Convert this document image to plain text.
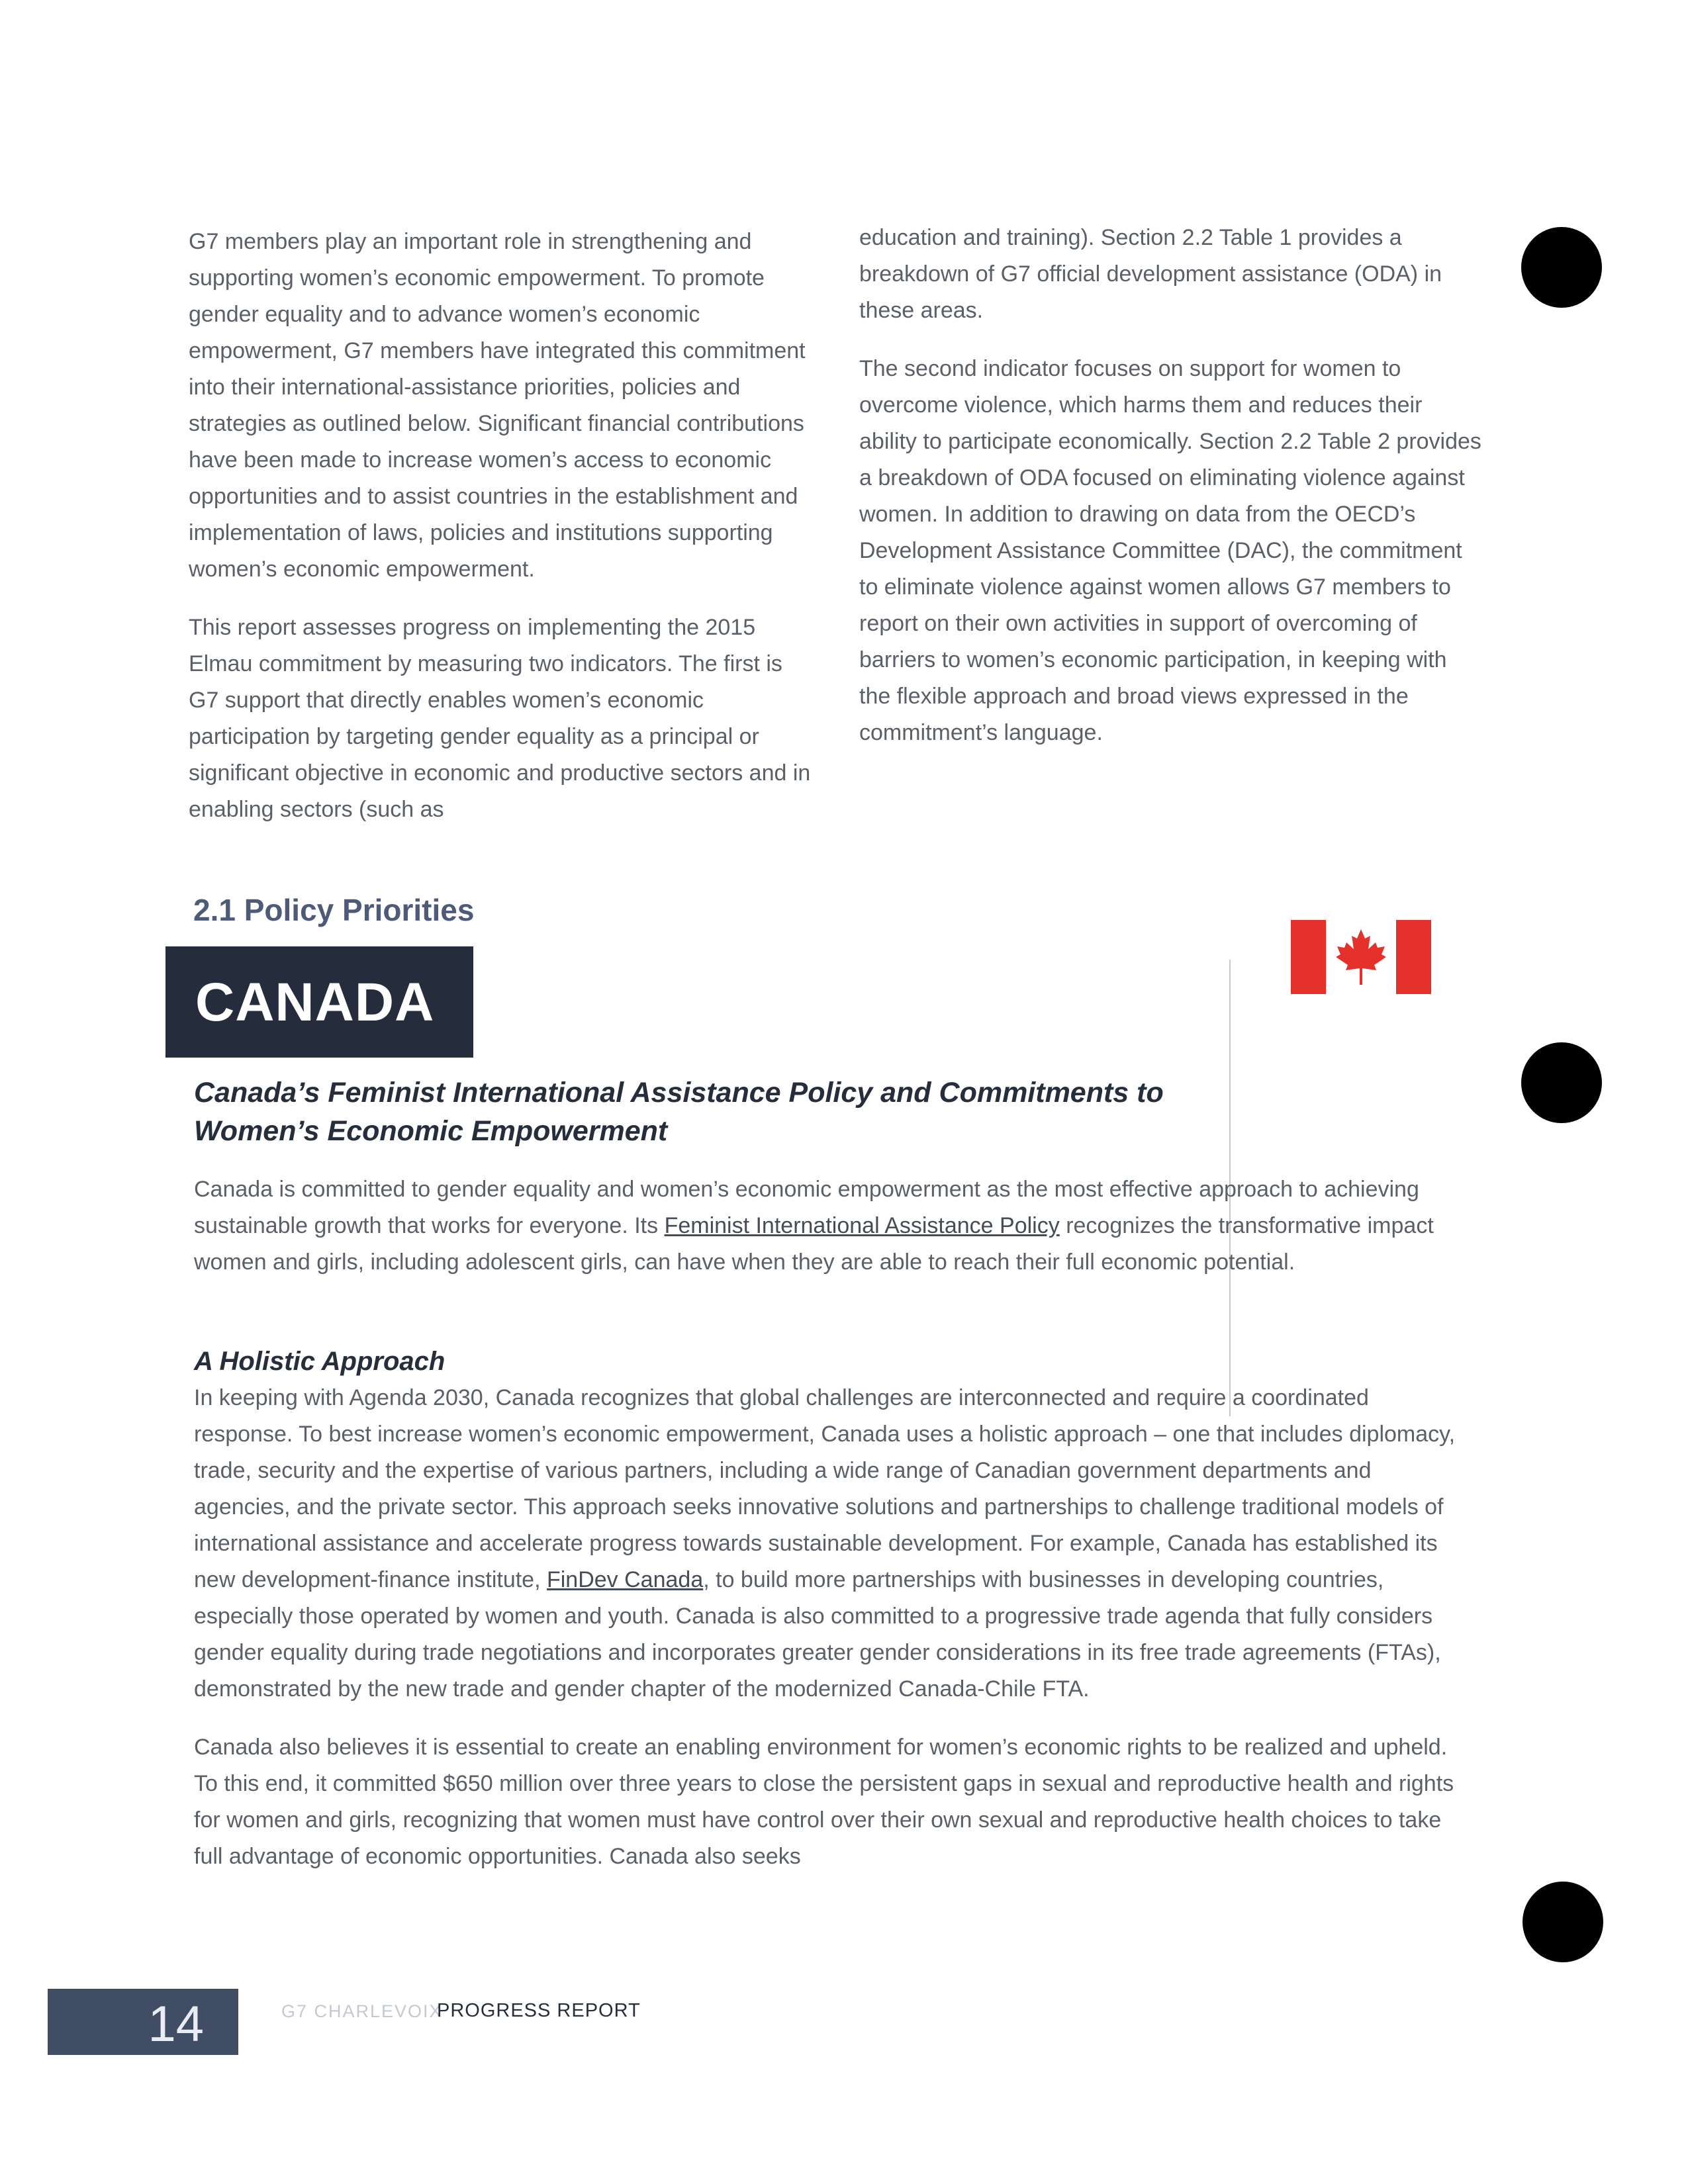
G7 members play an important role in strengthening and supporting women’s economic empowerment. To promote gender equality and to advance women’s economic empowerment, G7 members have integrated this commitment into their international-assistance priorities, policies and strategies as outlined below. Significant financial contributions have been made to increase women’s access to economic opportunities and to assist countries in the establishment and implementation of laws, policies and institutions supporting women’s economic empowerment.

This report assesses progress on implementing the 2015 Elmau commitment by measuring two indicators. The first is G7 support that directly enables women’s economic participation by targeting gender equality as a principal or significant objective in economic and productive sectors and in enabling sectors (such as

education and training). Section 2.2 Table 1 provides a breakdown of G7 official development assistance (ODA) in these areas.

The second indicator focuses on support for women to overcome violence, which harms them and reduces their ability to participate economically. Section 2.2 Table 2 provides a breakdown of ODA focused on eliminating violence against women. In addition to drawing on data from the OECD’s Development Assistance Committee (DAC), the commitment to eliminate violence against women allows G7 members to report on their own activities in support of overcoming of barriers to women’s economic participation, in keeping with the flexible approach and broad views expressed in the commitment’s language.

2.1 Policy Priorities
CANADA
Canada’s Feminist International Assistance Policy and Commitments to Women’s Economic Empowerment

Canada is committed to gender equality and women’s economic empowerment as the most effective approach to achieving sustainable growth that works for everyone. Its Feminist International Assistance Policy recognizes the transformative impact women and girls, including adolescent girls, can have when they are able to reach their full economic potential.

A Holistic Approach

In keeping with Agenda 2030, Canada recognizes that global challenges are interconnected and require a coordinated response. To best increase women’s economic empowerment, Canada uses a holistic approach – one that includes diplomacy, trade, security and the expertise of various partners, including a wide range of Canadian government departments and agencies, and the private sector. This approach seeks innovative solutions and partnerships to challenge traditional models of international assistance and accelerate progress towards sustainable development. For example, Canada has established its new development-finance institute, FinDev Canada, to build more partnerships with businesses in developing countries, especially those operated by women and youth. Canada is also committed to a progressive trade agenda that fully considers gender equality during trade negotiations and incorporates greater gender considerations in its free trade agreements (FTAs), demonstrated by the new trade and gender chapter of the modernized Canada-Chile FTA.

Canada also believes it is essential to create an enabling environment for women’s economic rights to be realized and upheld. To this end, it committed $650 million over three years to close the persistent gaps in sexual and reproductive health and rights for women and girls, recognizing that women must have control over their own sexual and reproductive health choices to take full advantage of economic opportunities. Canada also seeks

14	G7 CHARLEVOIX
PROGRESS REPORT
